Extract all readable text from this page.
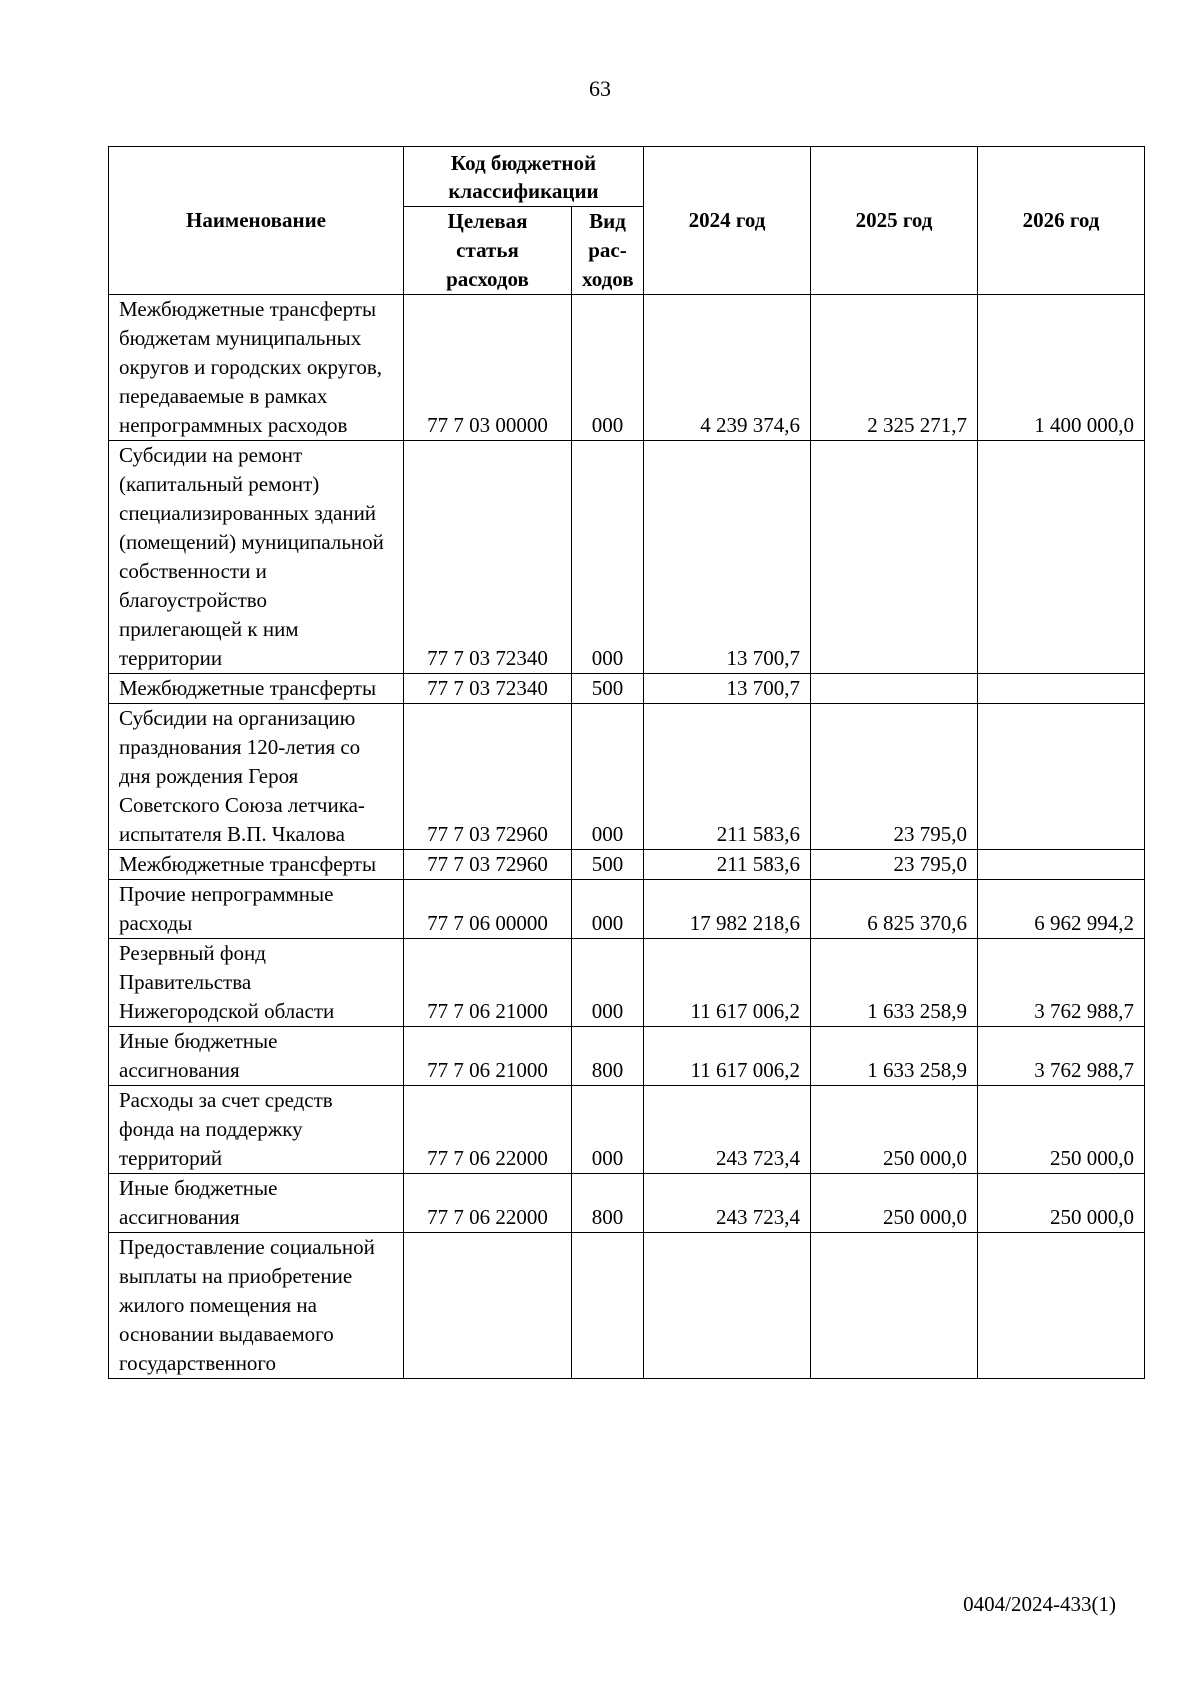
63
Наименование	Код бюджетной классификации		2024 год	2025 год	2026 год
	Целевая статья расходов	Вид рас-ходов			
Межбюджетные трансферты бюджетам муниципальных округов и городских округов, передаваемые в рамках непрограммных расходов	77 7 03 00000	000	4 239 374,6	2 325 271,7	1 400 000,0
Субсидии на ремонт (капитальный ремонт) специализированных зданий (помещений) муниципальной собственности и благоустройство прилегающей к ним территории	77 7 03 72340	000	13 700,7		
Межбюджетные трансферты	77 7 03 72340	500	13 700,7		
Субсидии на организацию празднования 120-летия со дня рождения Героя Советского Союза летчика-испытателя В.П. Чкалова	77 7 03 72960	000	211 583,6	23 795,0	
Межбюджетные трансферты	77 7 03 72960	500	211 583,6	23 795,0	
Прочие непрограммные расходы	77 7 06 00000	000	17 982 218,6	6 825 370,6	6 962 994,2
Резервный фонд Правительства Нижегородской области	77 7 06 21000	000	11 617 006,2	1 633 258,9	3 762 988,7
Иные бюджетные ассигнования	77 7 06 21000	800	11 617 006,2	1 633 258,9	3 762 988,7
Расходы за счет средств фонда на поддержку территорий	77 7 06 22000	000	243 723,4	250 000,0	250 000,0
Иные бюджетные ассигнования	77 7 06 22000	800	243 723,4	250 000,0	250 000,0
Предоставление социальной выплаты на приобретение жилого помещения на основании выдаваемого государственного					
0404/2024-433(1)
